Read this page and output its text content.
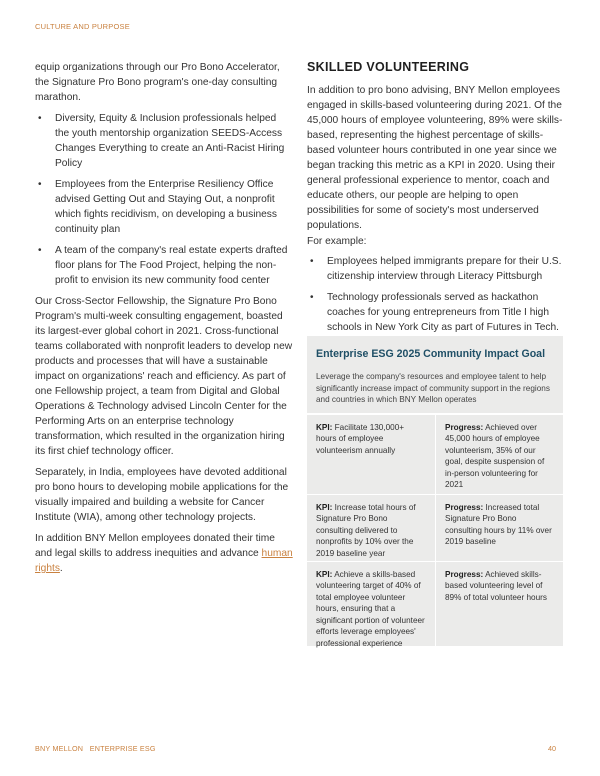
CULTURE AND PURPOSE

equip organizations through our Pro Bono Accelerator, the Signature Pro Bono program's one-day consulting marathon.

• Diversity, Equity & Inclusion professionals helped the youth mentorship organization SEEDS-Access Changes Everything to create an Anti-Racist Hiring Policy
• Employees from the Enterprise Resiliency Office advised Getting Out and Staying Out, a nonprofit which fights recidivism, on developing a business continuity plan
• A team of the company's real estate experts drafted floor plans for The Food Project, helping the non-profit to envision its new community food center

Our Cross-Sector Fellowship, the Signature Pro Bono Program's multi-week consulting engagement, boasted its largest-ever global cohort in 2021. Cross-functional teams collaborated with nonprofit leaders to develop new products and processes that will have a sustainable impact on organizations' reach and efficiency. As part of one Fellowship project, a team from Digital and Global Operations & Technology advised Lincoln Center for the Performing Arts on an enterprise technology transformation, which resulted in the organization hiring its first chief technology officer.

Separately, in India, employees have devoted additional pro bono hours to developing mobile applications for the visually impaired and building a website for Cancer Institute (WIA), among other technology projects.

In addition BNY Mellon employees donated their time and legal skills to address inequities and advance human rights.

SKILLED VOLUNTEERING

In addition to pro bono advising, BNY Mellon employees engaged in skills-based volunteering during 2021. Of the 45,000 hours of employee volunteering, 89% were skills-based, representing the highest percentage of skills-based volunteer hours contributed in one year since we began tracking this metric as a KPI in 2020. Using their general professional experience to mentor, coach and educate others, our people are helping to open possibilities for some of society's most underserved populations.

For example:

• Employees helped immigrants prepare for their U.S. citizenship interview through Literacy Pittsburgh
• Technology professionals served as hackathon coaches for young entrepreneurs from Title I high schools in New York City as part of Futures in Tech.
Enterprise ESG 2025 Community Impact Goal
Leverage the company's resources and employee talent to help significantly increase impact of community support in the regions and countries in which BNY Mellon operates
KPI: Facilitate 130,000+ hours of employee volunteerism annually
Progress: Achieved over 45,000 hours of employee volunteerism, 35% of our goal, despite suspension of in-person volunteering for 2021
KPI: Increase total hours of Signature Pro Bono consulting delivered to nonprofits by 10% over the 2019 baseline year
Progress: Increased total Signature Pro Bono consulting hours by 11% over 2019 baseline
KPI: Achieve a skills-based volunteering target of 40% of total employee volunteer hours, ensuring that a significant portion of volunteer efforts leverage employees' professional experience
Progress: Achieved skills-based volunteering level of 89% of total volunteer hours
BNY MELLON   ENTERPRISE ESG	40
